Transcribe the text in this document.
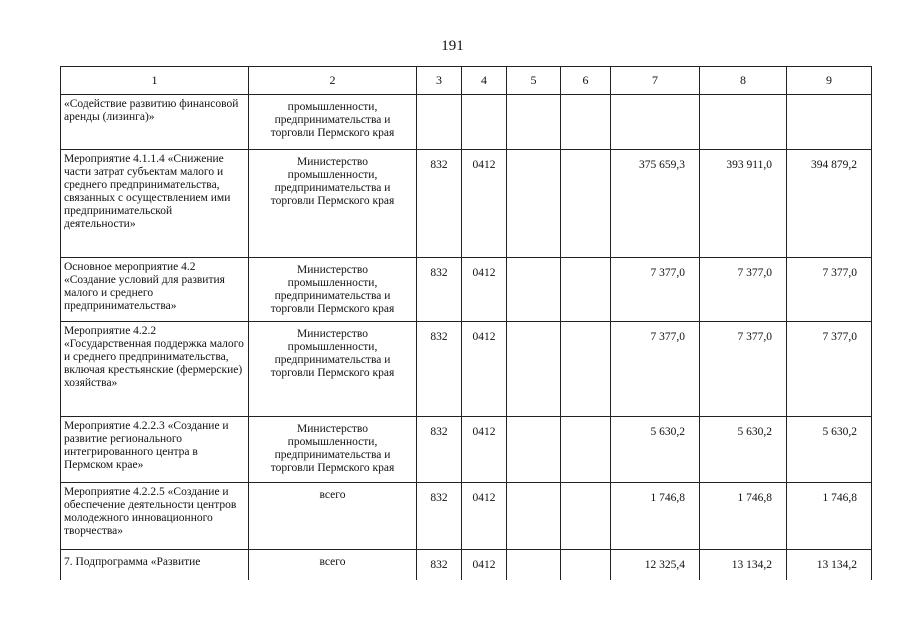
191
1	2	3	4	5	6	7	8	9
«Содействие развитию финансовой аренды (лизинга)»	промышленности, предпринимательства и торговли Пермского края							
Мероприятие 4.1.1.4 «Снижение части затрат субъектам малого и среднего предпринимательства, связанных с осуществлением ими предпринимательской деятельности»	Министерство промышленности, предпринимательства и торговли Пермского края	832	0412			375 659,3	393 911,0	394 879,2
Основное мероприятие 4.2 «Создание условий для развития малого и среднего предпринимательства»	Министерство промышленности, предпринимательства и торговли Пермского края	832	0412			7 377,0	7 377,0	7 377,0
Мероприятие 4.2.2 «Государственная поддержка малого и среднего предпринимательства, включая крестьянские (фермерские) хозяйства»	Министерство промышленности, предпринимательства и торговли Пермского края	832	0412			7 377,0	7 377,0	7 377,0
Мероприятие 4.2.2.3 «Создание и развитие регионального интегрированного центра в Пермском крае»	Министерство промышленности, предпринимательства и торговли Пермского края	832	0412			5 630,2	5 630,2	5 630,2
Мероприятие 4.2.2.5 «Создание и обеспечение деятельности центров молодежного инновационного творчества»	всего	832	0412			1 746,8	1 746,8	1 746,8
7. Подпрограмма «Развитие	всего	832	0412			12 325,4	13 134,2	13 134,2
